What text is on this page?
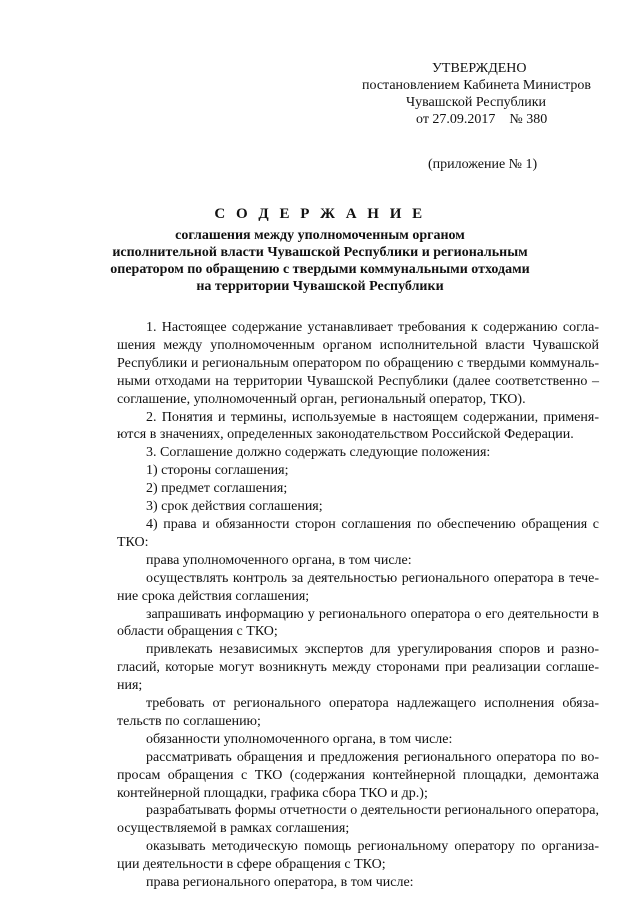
УТВЕРЖДЕНО
постановлением Кабинета Министров
Чувашской Республики
от 27.09.2017    № 380
(приложение № 1)
С О Д Е Р Ж А Н И Е
соглашения между уполномоченным органом
исполнительной власти Чувашской Республики и региональным
оператором по обращению с твердыми коммунальными отходами
на территории Чувашской Республики

1. Настоящее содержание устанавливает требования к содержанию соглашения между уполномоченным органом исполнительной власти Чувашской Республики и региональным оператором по обращению с твердыми коммунальными отходами на территории Чувашской Республики (далее соответственно – соглашение, уполномоченный орган, региональный оператор, ТКО).

2. Понятия и термины, используемые в настоящем содержании, применяются в значениях, определенных законодательством Российской Федерации.

3. Соглашение должно содержать следующие положения:

1) стороны соглашения;

2) предмет соглашения;

3) срок действия соглашения;

4) права и обязанности сторон соглашения по обеспечению обращения с ТКО:

права уполномоченного органа, в том числе:

осуществлять контроль за деятельностью регионального оператора в течение срока действия соглашения;

запрашивать информацию у регионального оператора о его деятельности в области обращения с ТКО;

привлекать независимых экспертов для урегулирования споров и разногласий, которые могут возникнуть между сторонами при реализации соглашения;

требовать от регионального оператора надлежащего исполнения обязательств по соглашению;

обязанности уполномоченного органа, в том числе:

рассматривать обращения и предложения регионального оператора по вопросам обращения с ТКО (содержания контейнерной площадки, демонтажа контейнерной площадки, графика сбора ТКО и др.);

разрабатывать формы отчетности о деятельности регионального оператора, осуществляемой в рамках соглашения;

оказывать методическую помощь региональному оператору по организации деятельности в сфере обращения с ТКО;

права регионального оператора, в том числе:
